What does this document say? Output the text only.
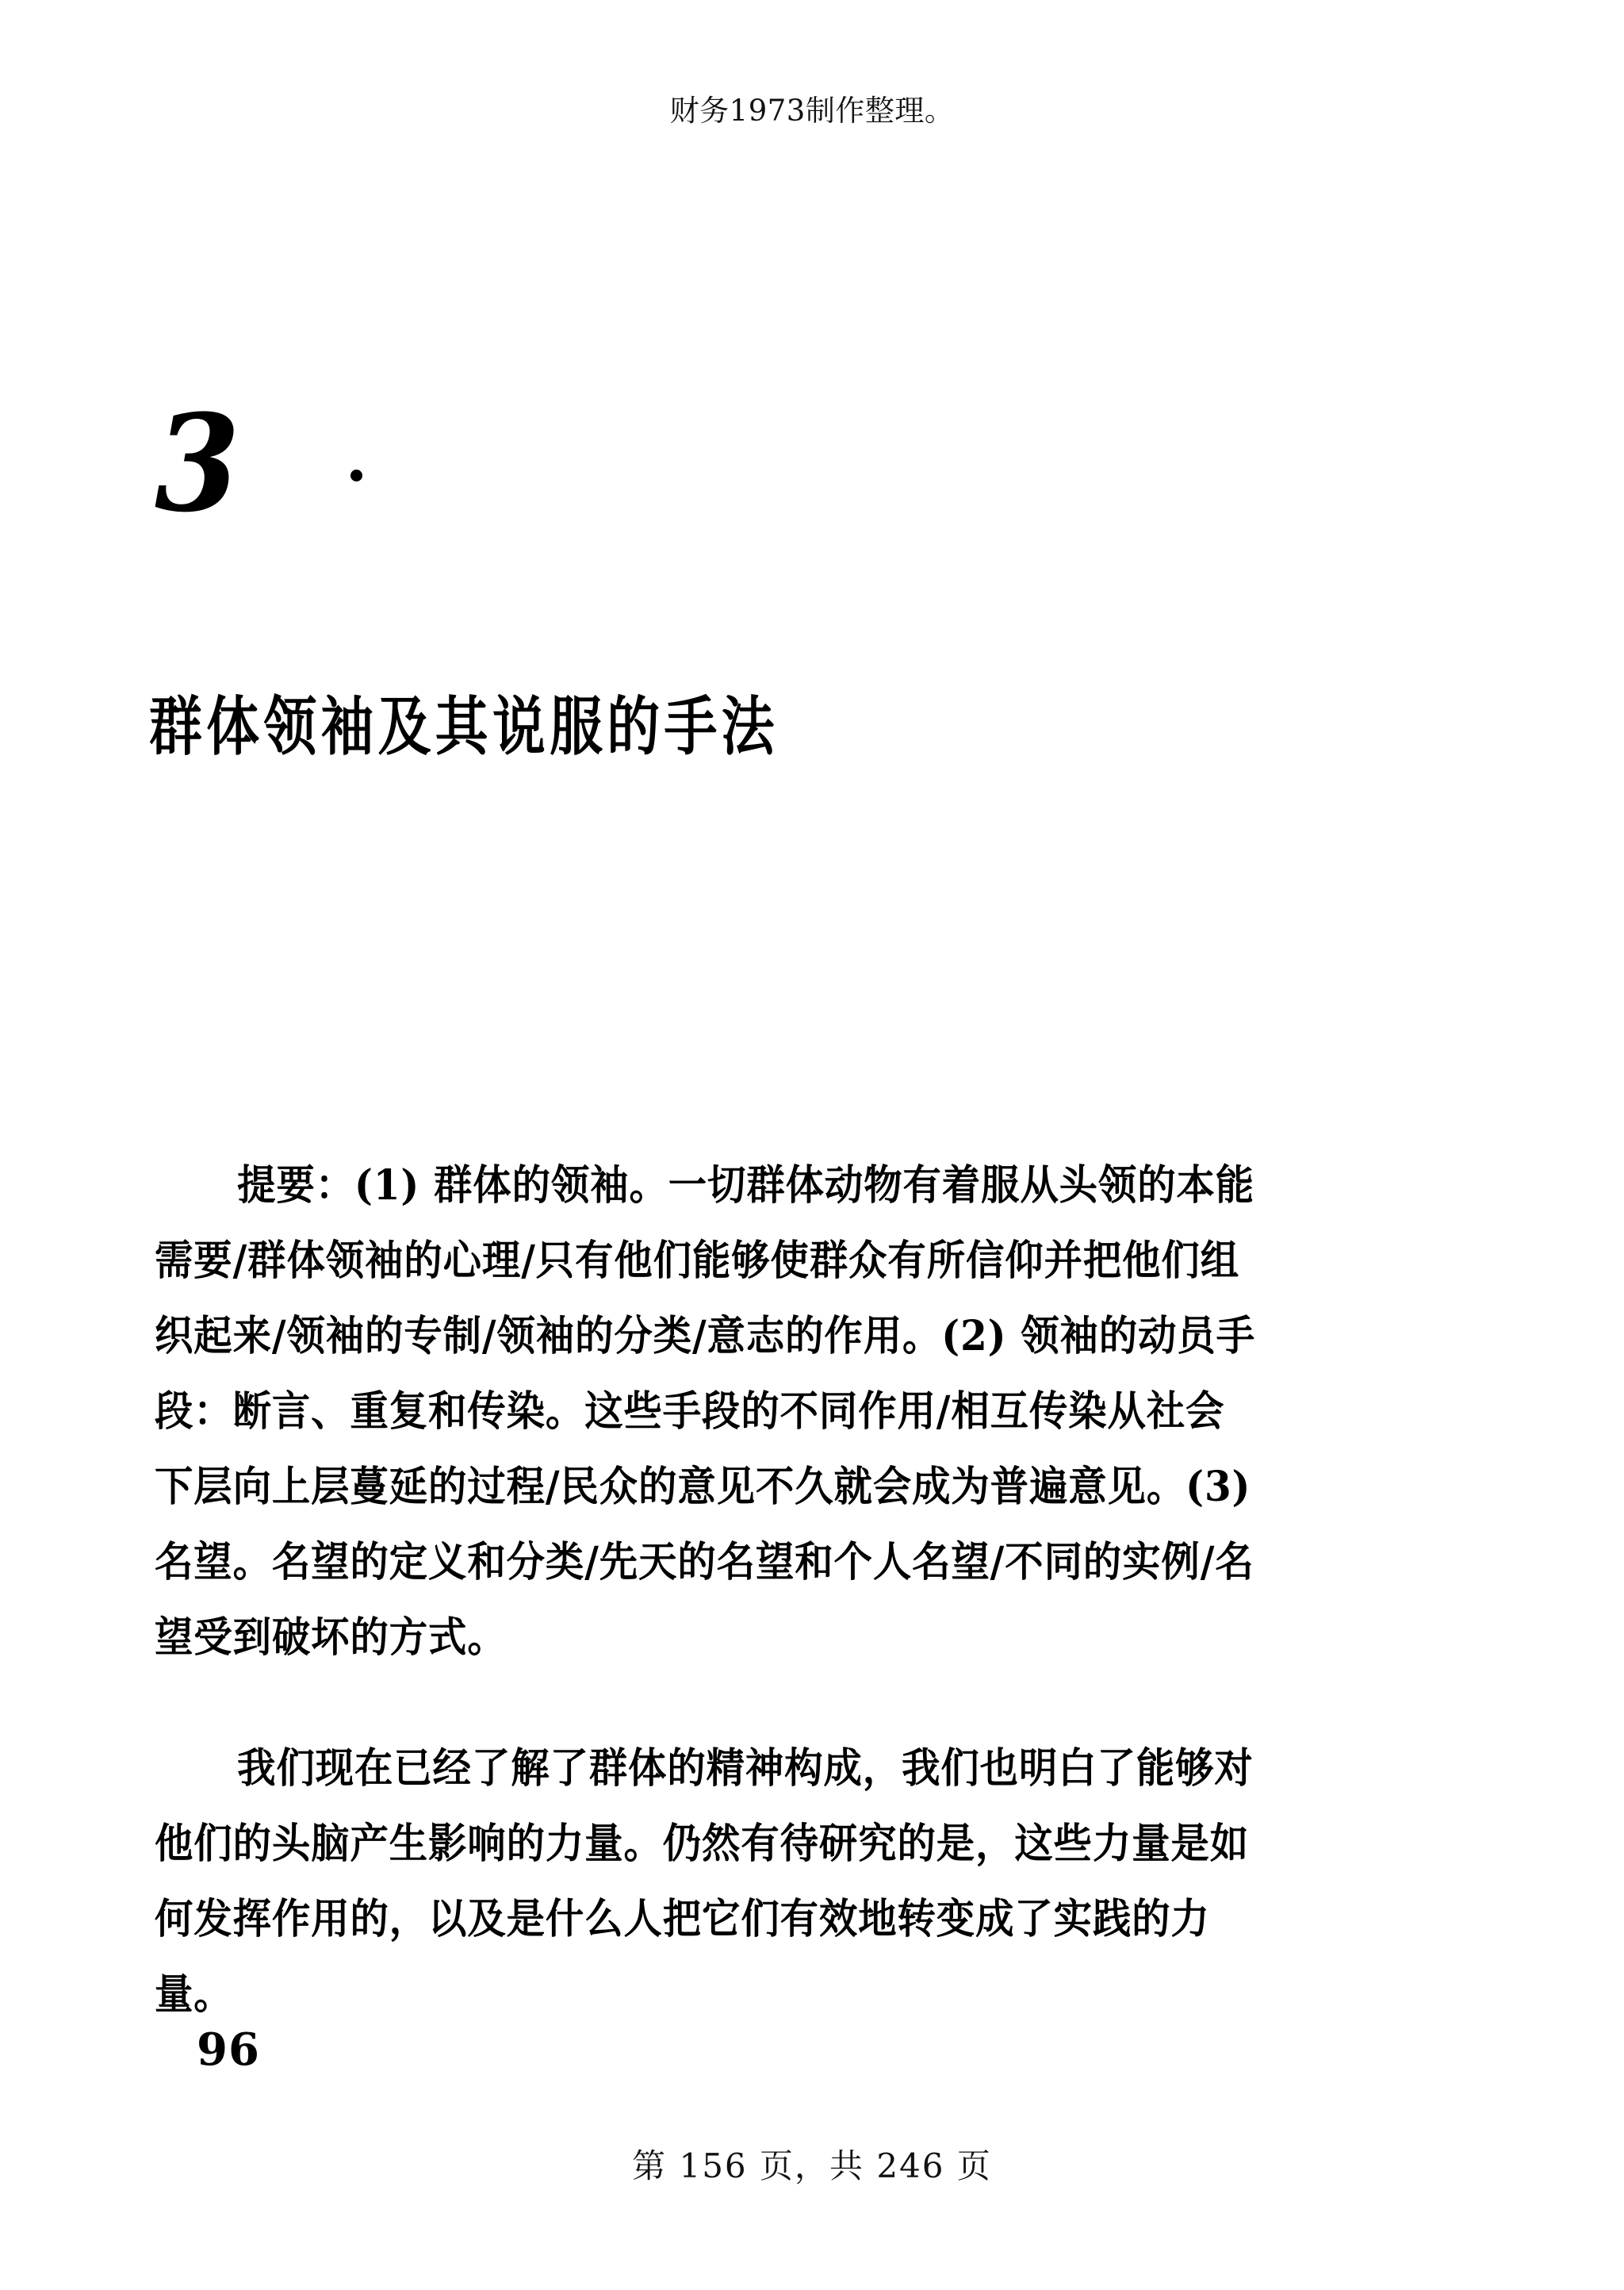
财务1973制作整理。
3
群体领袖及其说服的手法
提要：(1) 群体的领袖。一切群体动物有着服从头领的本能
需要/群体领袖的心理/只有他们能够使群众有所信仰并把他们组
织起来/领袖的专制/领袖的分类/意志的作用。(2) 领袖的动员手
段：断言、重复和传染。这些手段的不同作用/相互传染从社会
下层向上层蔓延的过程/民众的意见不久就会成为普遍意见。(3)
名望。名望的定义和分类/先天的名望和个人名望/不同的实例/名
望受到破坏的方式。
我们现在已经了解了群体的精神构成，我们也明白了能够对
他们的头脑产生影响的力量。仍然有待研究的是，这些力量是如
何发挥作用的，以及是什么人把它们有效地转变成了实践的力
量。
96
第 156 页，共 246 页
